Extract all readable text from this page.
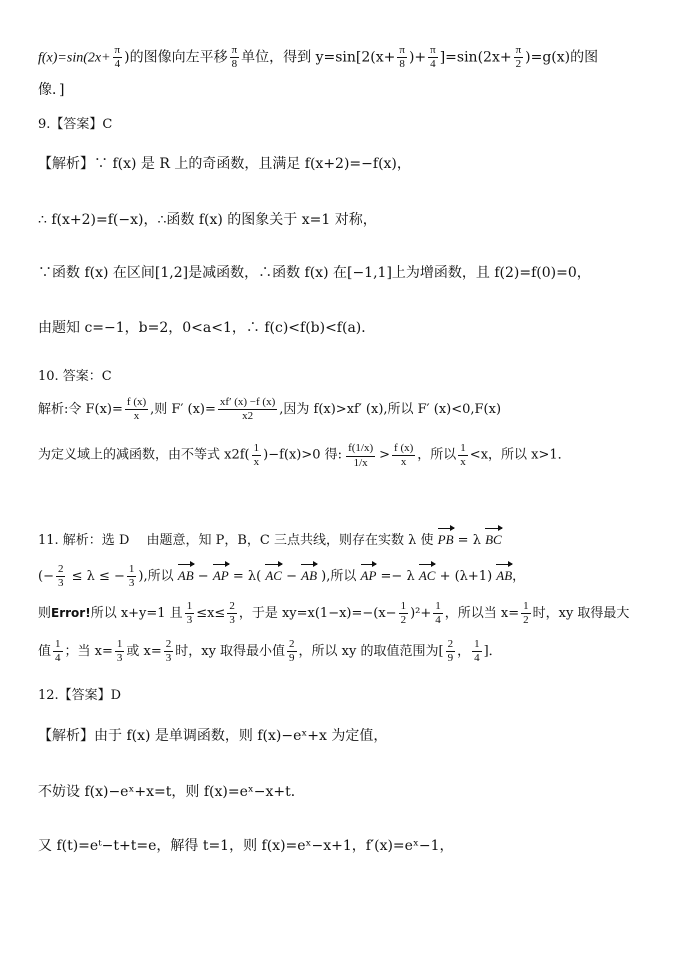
$f(x)=\sin(2x+ \frac{\pi}{4}$ )的图像向左平移 $\frac{\pi}{8}$ 单位，得到 $y=\sin[2(x+ \frac{\pi}{8}$ )+ $\frac{\pi}{4} ]=\sin(2x+ \frac{\pi}{2} )=g(x)$的图
像．]
9.【答案】C
【解析】∵ f(x) 是 R 上的奇函数，且满足 f(x+2)=−f(x)，
∴ f(x+2)=f(−x)，∴函数 f(x) 的图象关于 x=1 对称，
∵函数 f(x) 在区间[1,2]是减函数，∴函数 f(x) 在[−1,1]上为增函数，且 f(2)=f(0)=0，
由题知 c=−1，b=2，0<a<1，∴ f(c)<f(b)<f(a)．
10. 答案：C
解析:令 $F(x)= \frac{f (x)}{x}$ ,则 F′ $(x)= \frac{xf' (x) -f (x)}{x2}$ ,因为 f(x)>xf′ (x),所以 F′ (x)<0,F(x)
为定义域上的减函数，由不等式 $x2f( \frac{1}{x} )-f(x)>0$ 得: $\frac{f(1/x)}{1/x} > \frac{f (x)}{x}$ ，所以 $\frac{1}{x} <x$，所以 x>1．
11. 解析：选 D　 由题意，知 P，B，C 三点共线，则存在实数 λ 使 PB = λ BC
(− $\frac{2}{3} \le \lambda$ ≤ − $\frac{1}{3}$ ),所以 AB − AP = λ( AC − AB ),所以 AP =− λ AC + (λ+1) AB，
则Error!所以 x+y=1 且 $\frac{1}{3} \le x\le \frac{2}{3}$ ，于是 $xy=x(1-x)=-(x- \frac{1}{2} )^2+ \frac{1}{4}$ ，所以当 $x= \frac{1}{2}$ 时，xy 取得最大
值 $\frac{1}{4}$ ；当 $x= \frac{1}{3}$ 或 $x= \frac{2}{3}$ 时，xy 取得最小值 $\frac{2}{9}$ ，所以 xy 的取值范围为[ $\frac{2}{9}$ ， $\frac{1}{4}$ ]．
12.【答案】D
【解析】由于 f(x) 是单调函数，则 f(x)−eˣ+x 为定值，
不妨设 f(x)−eˣ+x=t，则 f(x)=eˣ−x+t．
又 f(t)=eᵗ−t+t=e，解得 t=1，则 f(x)=eˣ−x+1，f′(x)=eˣ−1，
